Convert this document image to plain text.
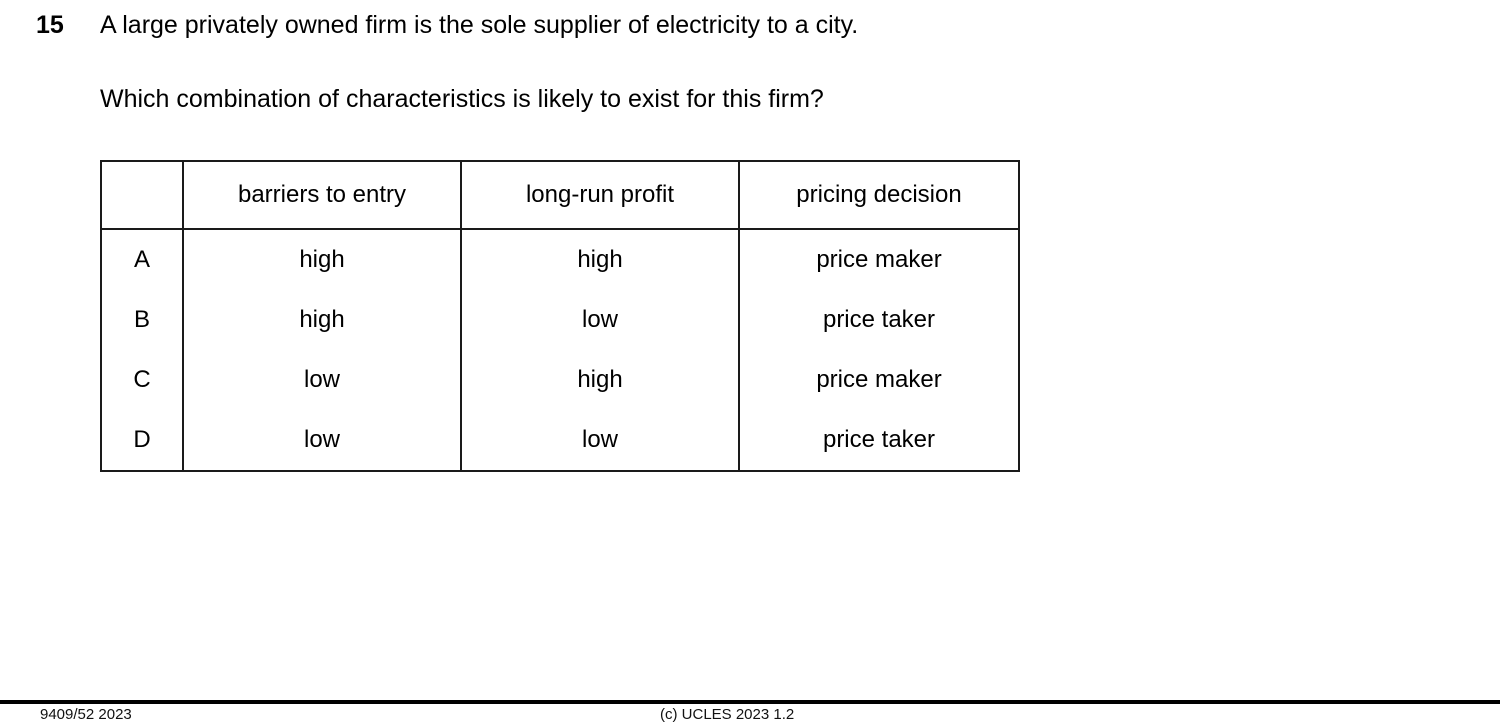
15	A large privately owned firm is the sole supplier of electricity to a city.
Which combination of characteristics is likely to exist for this firm?
	barriers to entry	long-run profit	pricing decision
A	high	high	price maker
B	high	low	price taker
C	low	high	price maker
D	low	low	price taker
9409/52 2023	(c) UCLES 2023 1.2
